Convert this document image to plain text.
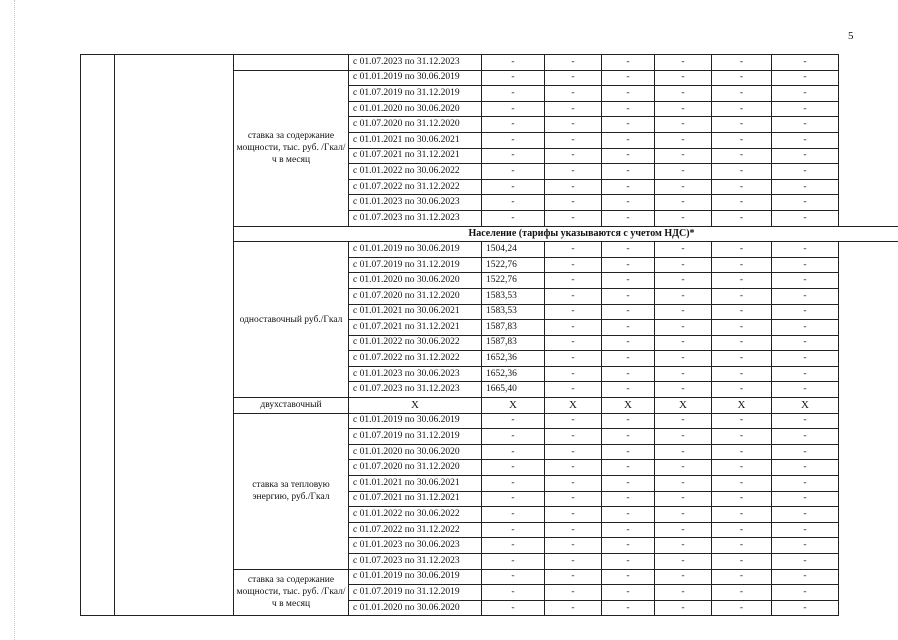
5
			с 01.07.2023 по 31.12.2023	-	-	-	-	-	-
		ставка за содержание мощности, тыс. руб. /Гкал/ч в месяц	с 01.01.2019 по 30.06.2019	-	-	-	-	-	-
			с 01.07.2019 по 31.12.2019	-	-	-	-	-	-
			с 01.01.2020 по 30.06.2020	-	-	-	-	-	-
			с 01.07.2020 по 31.12.2020	-	-	-	-	-	-
			с 01.01.2021 по 30.06.2021	-	-	-	-	-	-
			с 01.07.2021 по 31.12.2021	-	-	-	-	-	-
			с 01.01.2022 по 30.06.2022	-	-	-	-	-	-
			с 01.07.2022 по 31.12.2022	-	-	-	-	-	-
			с 01.01.2023 по 30.06.2023	-	-	-	-	-	-
			с 01.07.2023 по 31.12.2023	-	-	-	-	-	-
		Население (тарифы указываются с учетом НДС)*							
		одноставочный руб./Гкал	с 01.01.2019 по 30.06.2019	1504,24	-	-	-	-	-
			с 01.07.2019 по 31.12.2019	1522,76	-	-	-	-	-
			с 01.01.2020 по 30.06.2020	1522,76	-	-	-	-	-
			с 01.07.2020 по 31.12.2020	1583,53	-	-	-	-	-
			с 01.01.2021 по 30.06.2021	1583,53	-	-	-	-	-
			с 01.07.2021 по 31.12.2021	1587,83	-	-	-	-	-
			с 01.01.2022 по 30.06.2022	1587,83	-	-	-	-	-
			с 01.07.2022 по 31.12.2022	1652,36	-	-	-	-	-
			с 01.01.2023 по 30.06.2023	1652,36	-	-	-	-	-
			с 01.07.2023 по 31.12.2023	1665,40	-	-	-	-	-
		двухставочный	X	X	X	X	X	X	X
		ставка за тепловую энергию, руб./Гкал	с 01.01.2019 по 30.06.2019	-	-	-	-	-	-
			с 01.07.2019 по 31.12.2019	-	-	-	-	-	-
			с 01.01.2020 по 30.06.2020	-	-	-	-	-	-
			с 01.07.2020 по 31.12.2020	-	-	-	-	-	-
			с 01.01.2021 по 30.06.2021	-	-	-	-	-	-
			с 01.07.2021 по 31.12.2021	-	-	-	-	-	-
			с 01.01.2022 по 30.06.2022	-	-	-	-	-	-
			с 01.07.2022 по 31.12.2022	-	-	-	-	-	-
			с 01.01.2023 по 30.06.2023	-	-	-	-	-	-
			с 01.07.2023 по 31.12.2023	-	-	-	-	-	-
		ставка за содержание мощности, тыс. руб. /Гкал/ч в месяц	с 01.01.2019 по 30.06.2019	-	-	-	-	-	-
			с 01.07.2019 по 31.12.2019	-	-	-	-	-	-
			с 01.01.2020 по 30.06.2020	-	-	-	-	-	-
